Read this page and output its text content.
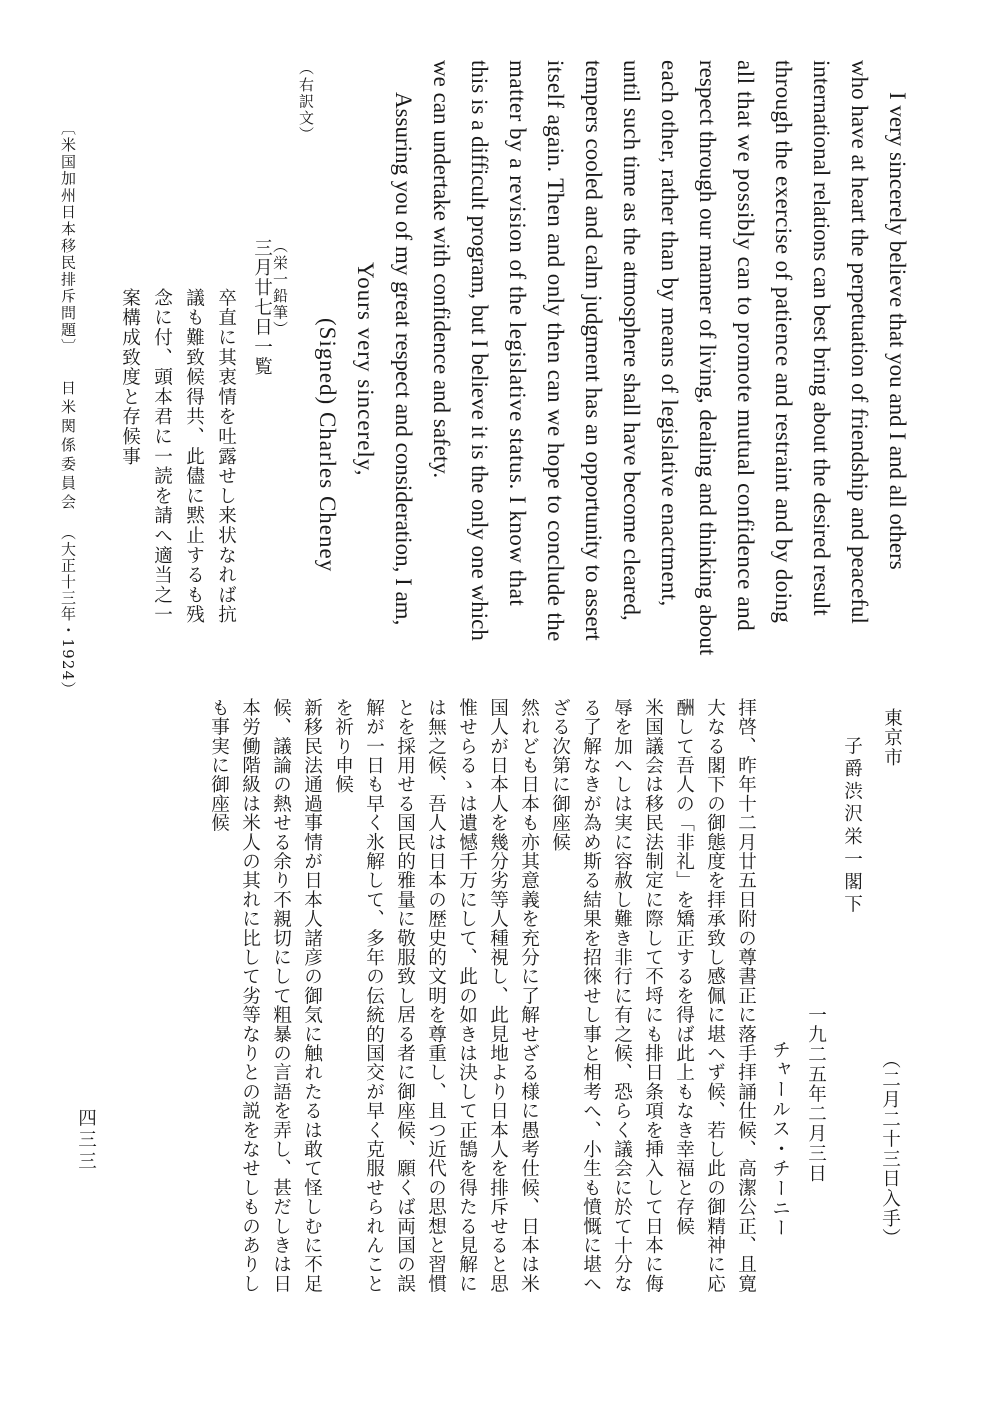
（二月二十三日入手）
東京市
子爵渋沢栄一閣下
一九二五年二月三日
チャールス・チーニー
拝啓、昨年十二月廿五日附の尊書正に落手拝誦仕候、高潔公正、且寛
大なる閣下の御態度を拝承致し感佩に堪へず候、若し此の御精神に応
酬して吾人の「非礼」を矯正するを得ば此上もなき幸福と存候
米国議会は移民法制定に際して不埒にも排日条項を挿入して日本に侮
辱を加へしは実に容赦し難き非行に有之候、恐らく議会に於て十分な
る了解なきが為め斯る結果を招徠せし事と相考へ、小生も憤慨に堪へ
ざる次第に御座候
然れども日本も亦其意義を充分に了解せざる様に愚考仕候、日本は米
国人が日本人を幾分劣等人種視し、此見地より日本人を排斥せると思
惟せらるゝは遺憾千万にして、此の如きは決して正鵠を得たる見解に
は無之候、吾人は日本の歴史的文明を尊重し、且つ近代の思想と習慣
とを採用せる国民的雅量に敬服致し居る者に御座候、願くば両国の誤
解が一日も早く氷解して、多年の伝統的国交が早く克服せられんこと
を祈り申候
新移民法通過事情が日本人諸彦の御気に触れたるは敢て怪しむに不足
候、議論の熱せる余り不親切にして粗暴の言語を弄し、甚だしきは日
本労働階級は米人の其れに比して劣等なりとの説をなせしものありし
も事実に御座候
四三三
I very sincerely believe that you and I and all others
who have at heart the perpetuation of friendship and peaceful
international relations can best bring about the desired result
through the exercise of patience and restraint and by doing
all that we possibly can to promote mutual confidence and
respect through our manner of living, dealing and thinking about
each other, rather than by means of legislative enactment,
until such time as the atmosphere shall have become cleared,
tempers cooled and calm judgment has an opportunity to assert
itself again. Then and only then can we hope to conclude the
matter by a revision of the legislative status. I know that
this is a difficult program, but I believe it is the only one which
we can undertake with confidence and safety.
Assuring you of my great respect and consideration, I am,
Yours very sincerely,
(Signed) Charles Cheney
（右訳文）
（栄一鉛筆）
三月廿七日一覧
卒直に其衷情を吐露せし来状なれば抗
議も難致候得共、此儘に黙止するも残
念に付、頭本君に一読を請へ適当之一
案構成致度と存候事
〔米国加州日本移民排斥問題〕
日米関係委員会
（大正十三年・1924）
